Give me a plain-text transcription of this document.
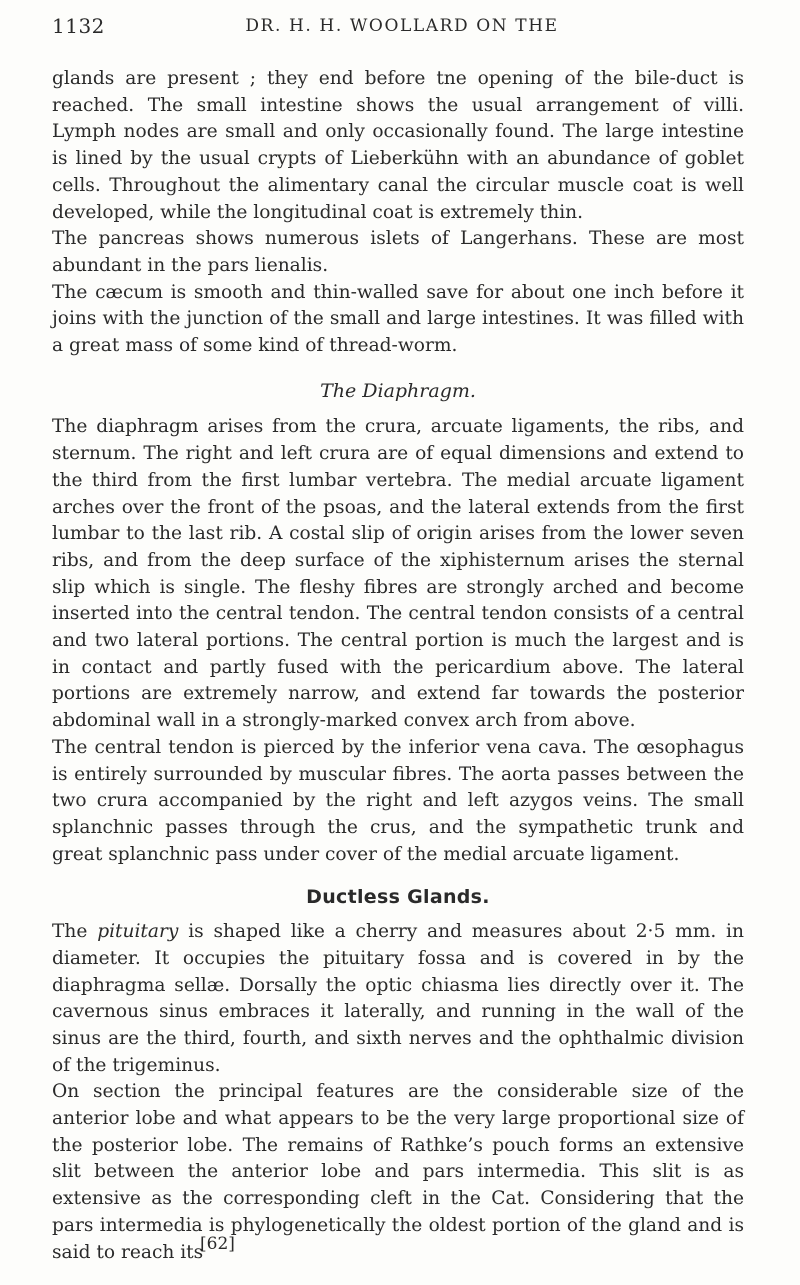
1132	DR. H. H. WOOLLARD ON THE

glands are present ; they end before tne opening of the bile-duct is reached. The small intestine shows the usual arrangement of villi. Lymph nodes are small and only occasionally found. The large intestine is lined by the usual crypts of Lieberkühn with an abundance of goblet cells. Throughout the alimentary canal the circular muscle coat is well developed, while the longitudinal coat is extremely thin.

The pancreas shows numerous islets of Langerhans. These are most abundant in the pars lienalis.

The cæcum is smooth and thin-walled save for about one inch before it joins with the junction of the small and large intestines. It was filled with a great mass of some kind of thread-worm.

The Diaphragm.

The diaphragm arises from the crura, arcuate ligaments, the ribs, and sternum. The right and left crura are of equal dimensions and extend to the third from the first lumbar vertebra. The medial arcuate ligament arches over the front of the psoas, and the lateral extends from the first lumbar to the last rib. A costal slip of origin arises from the lower seven ribs, and from the deep surface of the xiphisternum arises the sternal slip which is single. The fleshy fibres are strongly arched and become inserted into the central tendon. The central tendon consists of a central and two lateral portions. The central portion is much the largest and is in contact and partly fused with the pericardium above. The lateral portions are extremely narrow, and extend far towards the posterior abdominal wall in a strongly-marked convex arch from above.

The central tendon is pierced by the inferior vena cava. The œsophagus is entirely surrounded by muscular fibres. The aorta passes between the two crura accompanied by the right and left azygos veins. The small splanchnic passes through the crus, and the sympathetic trunk and great splanchnic pass under cover of the medial arcuate ligament.

Ductless Glands.

The pituitary is shaped like a cherry and measures about 2·5 mm. in diameter. It occupies the pituitary fossa and is covered in by the diaphragma sellæ. Dorsally the optic chiasma lies directly over it. The cavernous sinus embraces it laterally, and running in the wall of the sinus are the third, fourth, and sixth nerves and the ophthalmic division of the trigeminus.

On section the principal features are the considerable size of the anterior lobe and what appears to be the very large proportional size of the posterior lobe. The remains of Rathke’s pouch forms an extensive slit between the anterior lobe and pars intermedia. This slit is as extensive as the corresponding cleft in the Cat. Considering that the pars intermedia is phylogenetically the oldest portion of the gland and is said to reach its

[62]
